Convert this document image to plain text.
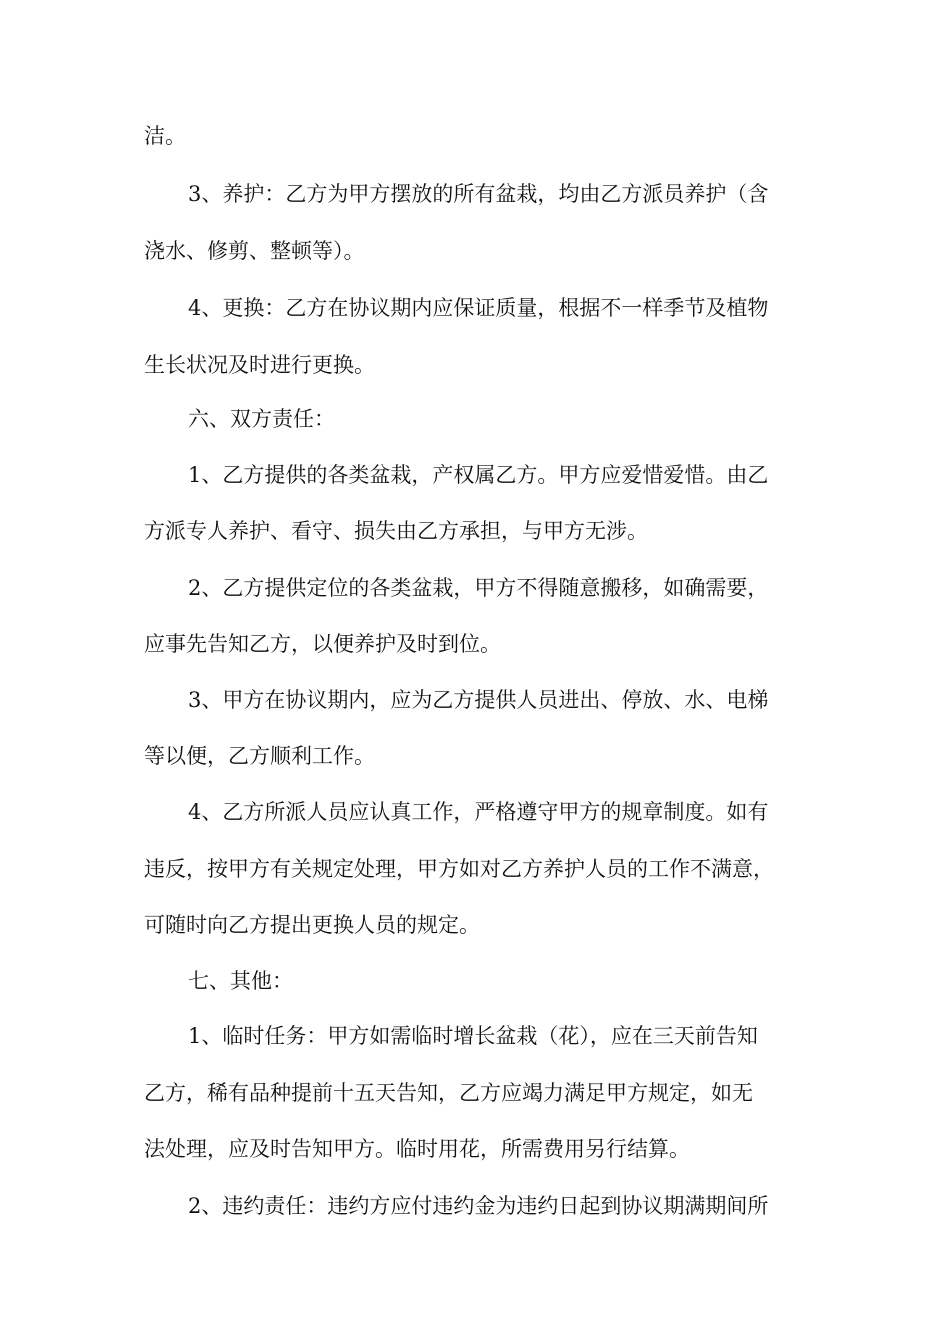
洁。
3、养护：乙方为甲方摆放的所有盆栽，均由乙方派员养护（含
浇水、修剪、整顿等）。
4、更换：乙方在协议期内应保证质量，根据不一样季节及植物
生长状况及时进行更换。
六、双方责任：
1、乙方提供的各类盆栽，产权属乙方。甲方应爱惜爱惜。由乙
方派专人养护、看守、损失由乙方承担，与甲方无涉。
2、乙方提供定位的各类盆栽，甲方不得随意搬移，如确需要，
应事先告知乙方，以便养护及时到位。
3、甲方在协议期内，应为乙方提供人员进出、停放、水、电梯
等以便，乙方顺利工作。
4、乙方所派人员应认真工作，严格遵守甲方的规章制度。如有
违反，按甲方有关规定处理，甲方如对乙方养护人员的工作不满意，
可随时向乙方提出更换人员的规定。
七、其他：
1、临时任务：甲方如需临时增长盆栽（花），应在三天前告知
乙方，稀有品种提前十五天告知，乙方应竭力满足甲方规定，如无
法处理，应及时告知甲方。临时用花，所需费用另行结算。
2、违约责任：违约方应付违约金为违约日起到协议期满期间所
